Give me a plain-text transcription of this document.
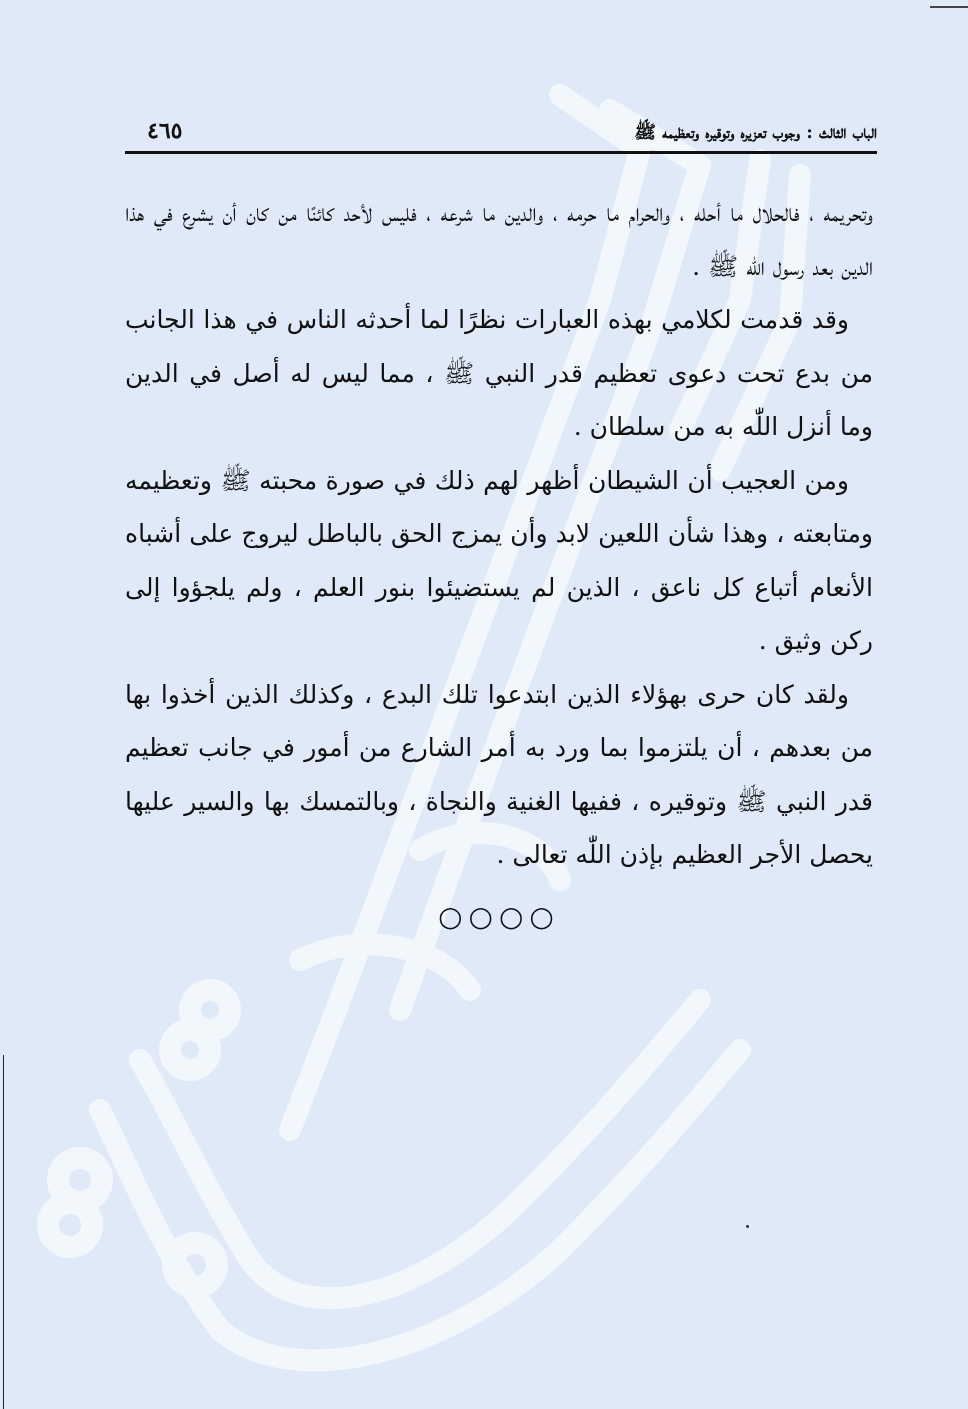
الباب الثالث : وجوب تعزيره وتوقيره وتعظيمه ﷺ
٤٦٥

وتحريمه ، فالحلال ما أحله ، والحرام ما حرمه ، والدين ما شرعه ، فليس لأحد كائنًا من كان أن يشرع في هذا الدين بعد رسول اللّٰه ﷺ .

وقد قدمت لكلامي بهذه العبارات نظرًا لما أحدثه الناس في هذا الجانب من بدع تحت دعوى تعظيم قدر النبي ﷺ ، مما ليس له أصل في الدين وما أنزل اللّٰه به من سلطان .

ومن العجيب أن الشيطان أظهر لهم ذلك في صورة محبته ﷺ وتعظيمه ومتابعته ، وهذا شأن اللعين لابد وأن يمزج الحق بالباطل ليروج على أشباه الأنعام أتباع كل ناعق ، الذين لم يستضيئوا بنور العلم ، ولم يلجؤوا إلى ركن وثيق .

ولقد كان حرى بهؤلاء الذين ابتدعوا تلك البدع ، وكذلك الذين أخذوا بها من بعدهم ، أن يلتزموا بما ورد به أمر الشارع من أمور في جانب تعظيم قدر النبي ﷺ وتوقيره ، ففيها الغنية والنجاة ، وبالتمسك بها والسير عليها يحصل الأجر العظيم بإذن اللّٰه تعالى .

○○○○
